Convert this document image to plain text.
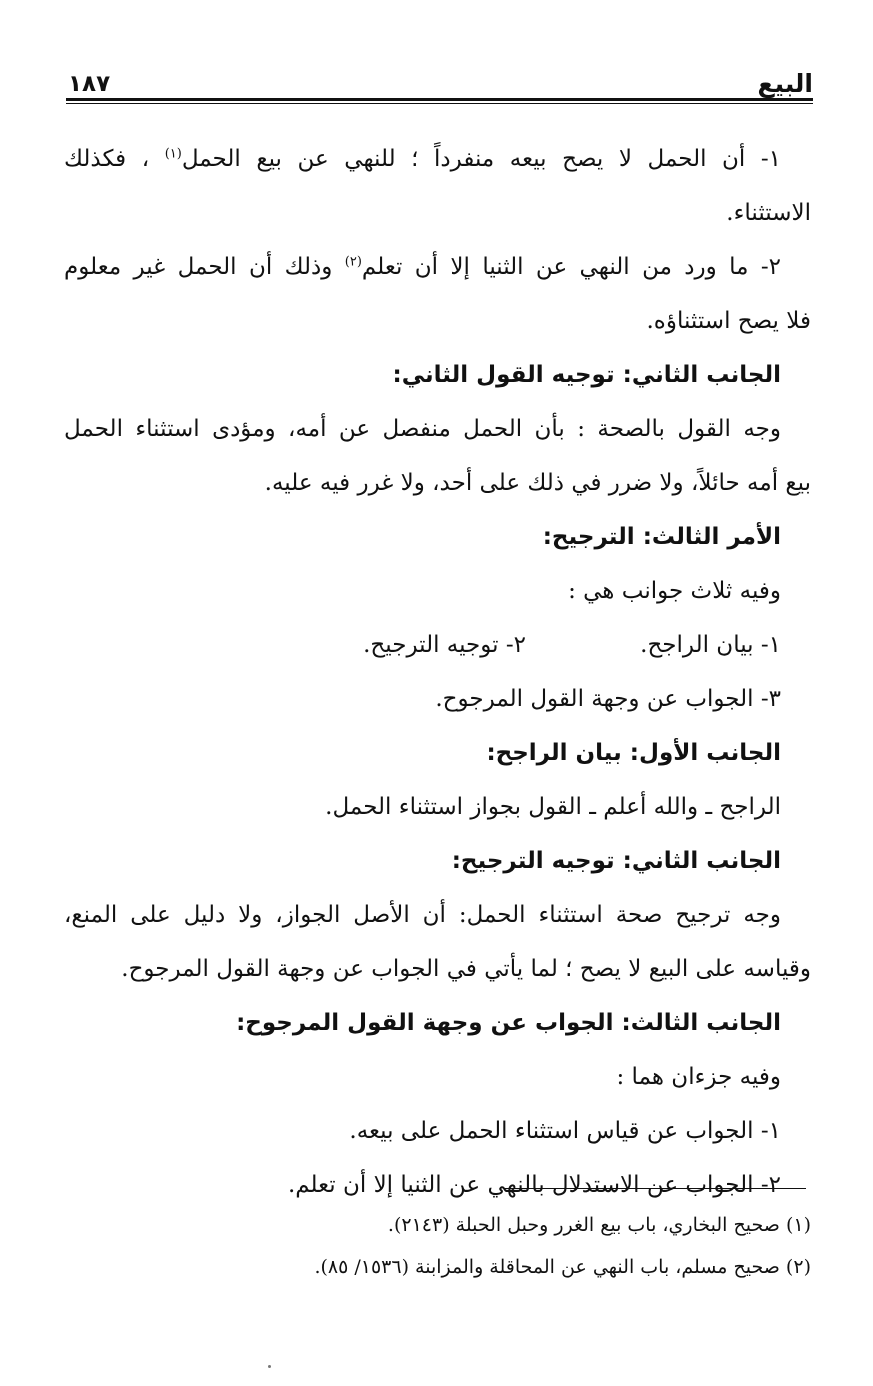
البيع
١٨٧
١- أن الحمل لا يصح بيعه منفرداً ؛ للنهي عن بيع الحمل$^{(١)}$ ، فكذلك
الاستثناء.
٢- ما ورد من النهي عن الثنيا إلا أن تعلم$^{(٢)}$ وذلك أن الحمل غير معلوم
فلا يصح استثناؤه.
الجانب الثاني: توجيه القول الثاني:
وجه القول بالصحة : بأن الحمل منفصل عن أمه، ومؤدى استثناء الحمل
بيع أمه حائلاً، ولا ضرر في ذلك على أحد، ولا غرر فيه عليه.
الأمر الثالث: الترجيح:
وفيه ثلاث جوانب هي :
١- بيان الراجح.
٢- توجيه الترجيح.
٣- الجواب عن وجهة القول المرجوح.
الجانب الأول: بيان الراجح:
الراجح ـ والله أعلم ـ القول بجواز استثناء الحمل.
الجانب الثاني: توجيه الترجيح:
وجه ترجيح صحة استثناء الحمل: أن الأصل الجواز، ولا دليل على المنع،
وقياسه على البيع لا يصح ؛ لما يأتي في الجواب عن وجهة القول المرجوح.
الجانب الثالث: الجواب عن وجهة القول المرجوح:
وفيه جزءان هما :
١- الجواب عن قياس استثناء الحمل على بيعه.
٢- الجواب عن الاستدلال بالنهي عن الثنيا إلا أن تعلم.
(١) صحيح البخاري، باب بيع الغرر وحبل الحبلة (٢١٤٣).
(٢) صحيح مسلم، باب النهي عن المحاقلة والمزابنة (١٥٣٦/ ٨٥).
